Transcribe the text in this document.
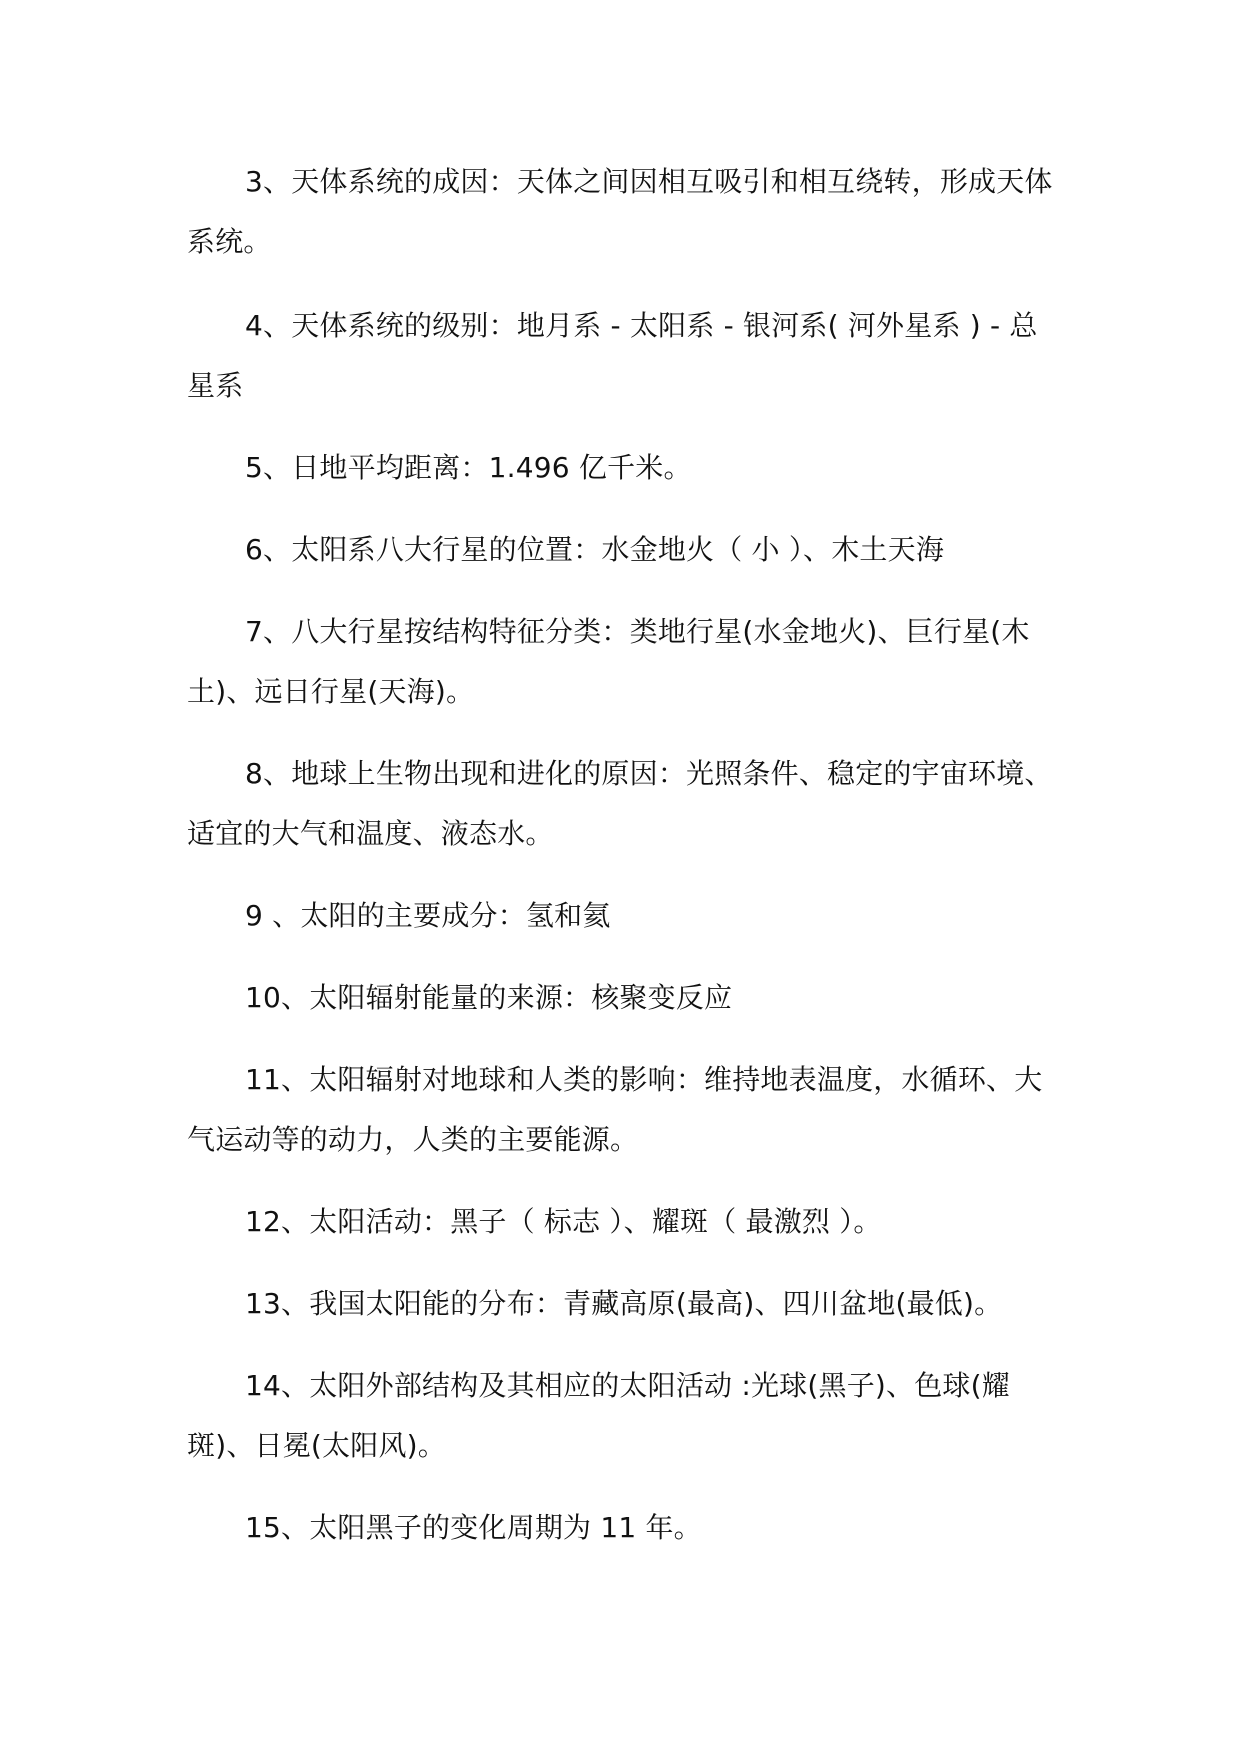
3、天体系统的成因：天体之间因相互吸引和相互绕转，形成天体系统。

4、天体系统的级别：地月系 - 太阳系 - 银河系( 河外星系 ) - 总星系

5、日地平均距离：1.496 亿千米。

6、太阳系八大行星的位置：水金地火（ 小 ）、木土天海

7、八大行星按结构特征分类：类地行星(水金地火)、巨行星(木土)、远日行星(天海)。

8、地球上生物出现和进化的原因：光照条件、稳定的宇宙环境、适宜的大气和温度、液态水。

9 、太阳的主要成分：氢和氦

10、太阳辐射能量的来源：核聚变反应

11、太阳辐射对地球和人类的影响：维持地表温度，水循环、大气运动等的动力，人类的主要能源。

12、太阳活动：黑子（ 标志 ）、耀斑（ 最激烈 ）。

13、我国太阳能的分布：青藏高原(最高)、四川盆地(最低)。

14、太阳外部结构及其相应的太阳活动 :光球(黑子)、色球(耀斑)、日冕(太阳风)。

15、太阳黑子的变化周期为 11 年。
